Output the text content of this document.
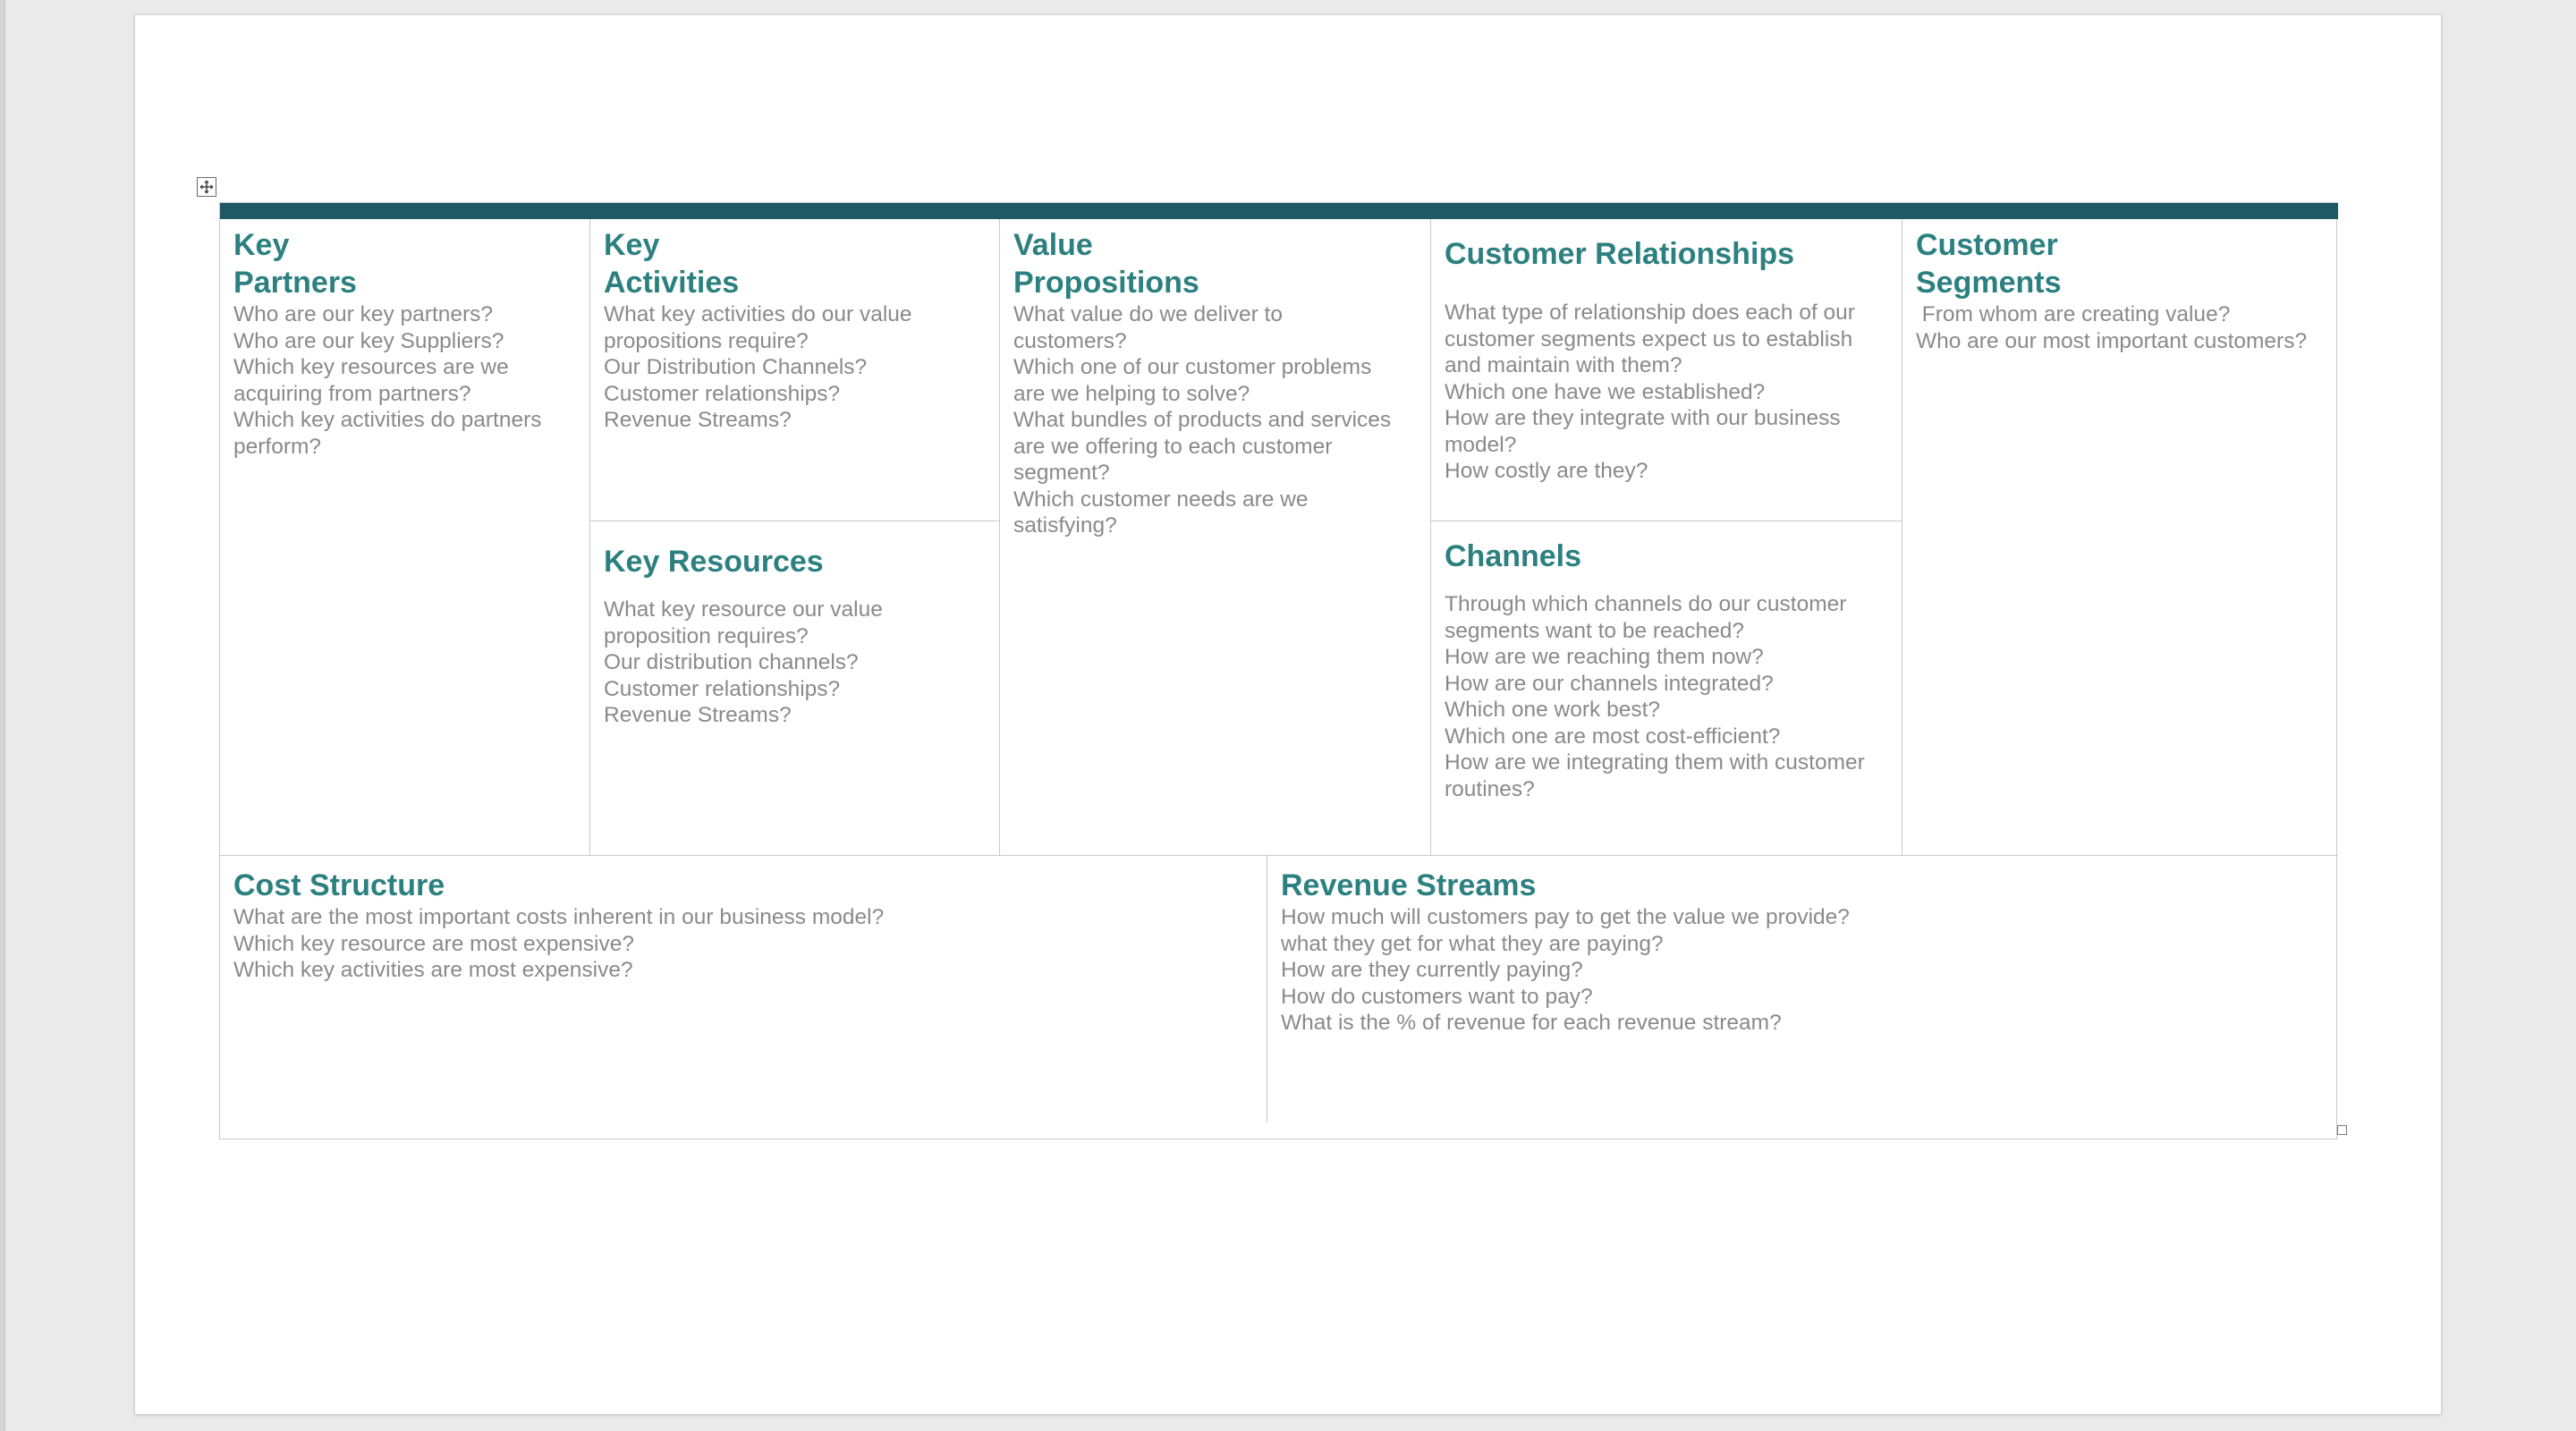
Key
Partners
Who are our key partners?
Who are our key Suppliers?
Which key resources are we
acquiring from partners?
Which key activities do partners
perform?
Key
Activities
What key activities do our value
propositions require?
Our Distribution Channels?
Customer relationships?
Revenue Streams?
Key Resources
What key resource our value
proposition requires?
Our distribution channels?
Customer relationships?
Revenue Streams?
Value
Propositions
What value do we deliver to
customers?
Which one of our customer problems
are we helping to solve?
What bundles of products and services
are we offering to each customer
segment?
Which customer needs are we
satisfying?
Customer Relationships
What type of relationship does each of our
customer segments expect us to establish
and maintain with them?
Which one have we established?
How are they integrate with our business
model?
How costly are they?
Channels
Through which channels do our customer
segments want to be reached?
How are we reaching them now?
How are our channels integrated?
Which one work best?
Which one are most cost-efficient?
How are we integrating them with customer
routines?
Customer
Segments
From whom are creating value?
Who are our most important customers?
Cost Structure
What are the most important costs inherent in our business model?
Which key resource are most expensive?
Which key activities are most expensive?
Revenue Streams
How much will customers pay to get the value we provide?
what they get for what they are paying?
How are they currently paying?
How do customers want to pay?
What is the % of revenue for each revenue stream?
